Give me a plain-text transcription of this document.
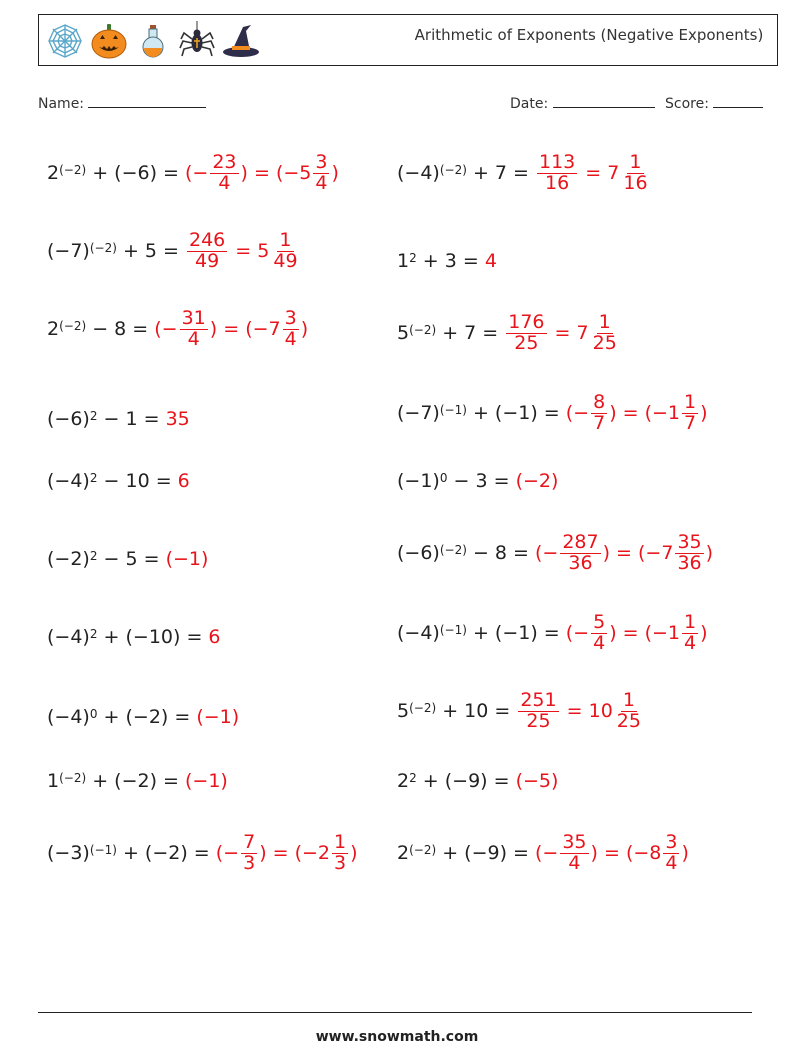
Arithmetic of Exponents (Negative Exponents)
Name:	Date:	Score:
$2^{(-2)} + (-6)$ = (− $\frac{23}{4}$ ) = ($-5 \frac{3}{4}$ )
$(-7)^{(-2)} + 5 = \frac{246}{49} = 5 \frac{1}{49}$
$2^{(-2)} - 8$ = (− $\frac{31}{4}$ ) = ($-7 \frac{3}{4}$ )
$(-6)^2 - 1 = 35$
$(-4)^2 - 10 = 6$
$(-2)^2 - 5 = (-1)$
$(-4)^2 + (-10) = 6$
$(-4)^0 + (-2) = (-1)$
$1^{(-2)} + (-2) = (-1)$
$(-3)^{(-1)} + (-2)$ = (− $\frac{7}{3}$ ) = ($-2 \frac{1}{3}$ )
$(-4)^{(-2)} + 7 = \frac{113}{16} = 7 \frac{1}{16}$
$1^2 + 3 = 4$
$5^{(-2)} + 7 = \frac{176}{25} = 7 \frac{1}{25}$
$(-7)^{(-1)} + (-1)$ = (− $\frac{8}{7}$ ) = ($-1 \frac{1}{7}$ )
$(-1)^0 - 3 = (-2)$
$(-6)^{(-2)} - 8$ = (− $\frac{287}{36}$ ) = ($-7 \frac{35}{36}$ )
$(-4)^{(-1)} + (-1)$ = (− $\frac{5}{4}$ ) = ($-1 \frac{1}{4}$ )
$5^{(-2)} + 10 = \frac{251}{25} = 10 \frac{1}{25}$
$2^2 + (-9) = (-5)$
$2^{(-2)} + (-9)$ = (− $\frac{35}{4}$ ) = ($-8 \frac{3}{4}$ )
www.snowmath.com
